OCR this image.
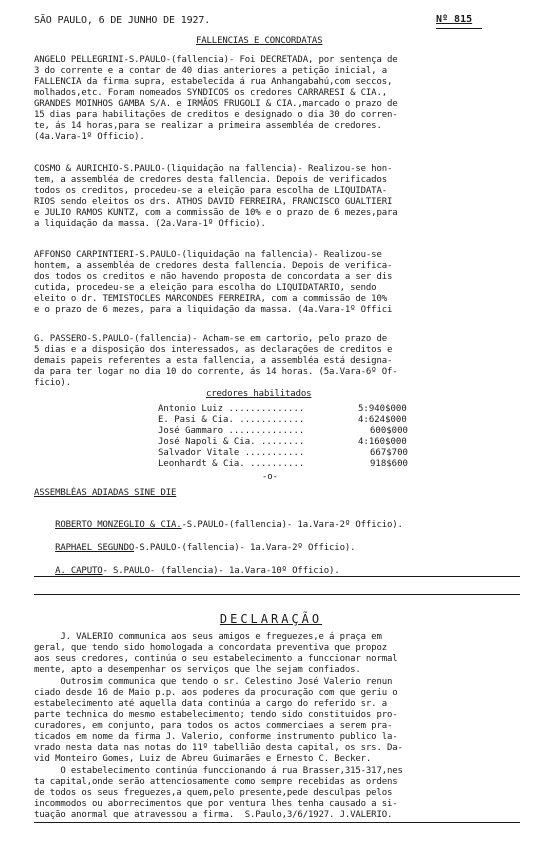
SÃO PAULO, 6 DE JUNHO DE 1927.	Nº 815
FALLENCIAS E CONCORDATAS
ANGELO PELLEGRINI-S.PAULO-(fallencia)- Foi DECRETADA, por sentença de
3 do corrente e a contar de 40 dias anteriores a petição inicial, a
FALLENCIA da firma supra, estabelecida á rua Anhangabahú,com seccos,
molhados,etc. Foram nomeados SYNDICOS os credores CARRARESI & CIA.,
GRANDES MOINHOS GAMBA S/A. e IRMÃOS FRUGOLI & CIA.,marcado o prazo de
15 dias para habilitações de creditos e designado o dia 30 do corren-
te, ás 14 horas,para se realizar a primeira assembléa de credores.
(4a.Vara-1º Officio).
COSMO & AURICHIO-S.PAULO-(liquidação na fallencia)- Realizou-se hon-
tem, a assembléa de credores desta fallencia. Depois de verificados
todos os creditos, procedeu-se a eleição para escolha de LIQUIDATA-
RIOS sendo eleitos os drs. ATHOS DAVID FERREIRA, FRANCISCO GUALTIERI
e JULIO RAMOS KUNTZ, com a commissão de 10% e o prazo de 6 mezes,para
a liquidação da massa. (2a.Vara-1º Officio).
AFFONSO CARPINTIERI-S.PAULO-(liquidação na fallencia)- Realizou-se
hontem, a assembléa de credores desta fallencia. Depois de verifica-
dos todos os creditos e não havendo proposta de concordata a ser dis
cutida, procedeu-se a eleição para escolha do LIQUIDATARIO, sendo
eleito o dr. TEMISTOCLES MARCONDES FERREIRA, com a commissão de 10%
e o prazo de 6 mezes, para a liquidação da massa. (4a.Vara-1º Offici
G. PASSERO-S.PAULO-(fallencia)- Acham-se em cartorio, pelo prazo de
5 dias e a disposição dos interessados, as declarações de creditos e
demais papeis referentes a esta fallencia, a assembléa está designa-
da para ter logar no dia 10 do corrente, ás 14 horas. (5a.Vara-6º Of-
ficio).
credores habilitados
Antonio Luiz ..............	5:940$000
E. Pasi & Cia. ............	4:624$000
José Gammaro ..............	600$000
José Napoli & Cia. ........	4:160$000
Salvador Vitale ...........	667$700
Leonhardt & Cia. ..........	918$600
-o-
ASSEMBLÉAS ADIADAS SINE DIE

ROBERTO MONZEGLIO & CIA.-S.PAULO-(fallencia)- 1a.Vara-2º Officio).

RAPHAEL SEGUNDO-S.PAULO-(fallencia)- 1a.Vara-2º Officio).

A. CAPUTO- S.PAULO- (fallencia)- 1a.Vara-10º Officio).

DECLARAÇÃO
J. VALERIO communica aos seus amigos e freguezes,e á praça em
geral, que tendo sido homologada a concordata preventiva que propoz
aos seus credores, continúa o seu estabelecimento a funccionar normal
mente, apto a desempenhar os serviços que lhe sejam confiados.
Outrosim communica que tendo o sr. Celestino José Valerio renun
ciado desde 16 de Maio p.p. aos poderes da procuração com que geriu o
estabelecimento até aquella data continúa a cargo do referido sr. a
parte technica do mesmo estabelecimento; tendo sido constituidos pro-
curadores, em conjunto, para todos os actos commerciaes a serem pra-
ticados em nome da firma J. Valerio, conforme instrumento publico la-
vrado nesta data nas notas do 11º tabellião desta capital, os srs. Da-
vid Monteiro Gomes, Luiz de Abreu Guimarães e Ernesto C. Becker.
O estabelecimento continúa funccionando á rua Brasser,315-317,nes
ta capital,onde serão attenciosamente como sempre recebidas as ordens
de todos os seus freguezes,a quem,pelo presente,pede desculpas pelos
incommodos ou aborrecimentos que por ventura lhes tenha causado a si-
tuação anormal que atravessou a firma.  S.Paulo,3/6/1927. J.VALERIO.
